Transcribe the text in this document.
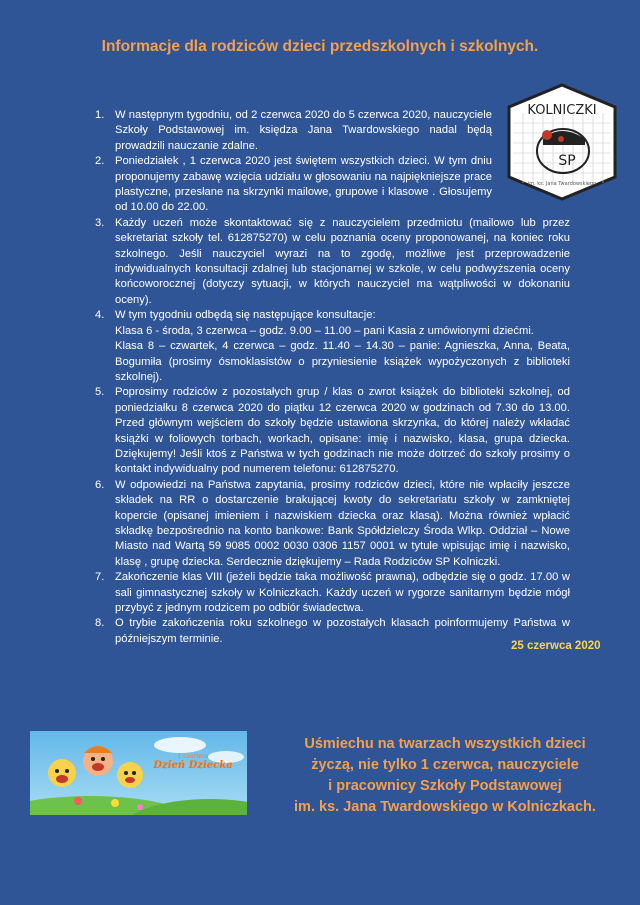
Informacje dla rodziców dzieci przedszkolnych i szkolnych.
KOLNICZKI
SP
im. ks. Jana Twardowskiego
1. W następnym tygodniu, od 2 czerwca 2020 do 5 czerwca 2020, nauczyciele Szkoły Podstawowej im. księdza Jana Twardowskiego nadal będą prowadzili nauczanie zdalne.

2. Poniedziałek , 1 czerwca 2020 jest świętem wszystkich dzieci. W tym dniu proponujemy zabawę wzięcia udziału w głosowaniu na najpiękniejsze prace plastyczne, przesłane na skrzynki mailowe, grupowe i klasowe . Głosujemy od 10.00 do 22.00.

3. Każdy uczeń może skontaktować się z nauczycielem przedmiotu (mailowo lub przez sekretariat szkoły tel. 612875270) w celu poznania oceny proponowanej, na koniec roku szkolnego. Jeśli nauczyciel wyrazi na to zgodę, możliwe jest przeprowadzenie indywidualnych konsultacji zdalnej lub stacjonarnej w szkole, w celu podwyższenia oceny końcoworocznej (dotyczy sytuacji, w których nauczyciel ma wątpliwości w dokonaniu oceny).

4. W tym tygodniu odbędą się następujące konsultacje:

Klasa 6 - środa, 3 czerwca – godz. 9.00 – 11.00 – pani Kasia z umówionymi dziećmi.

Klasa 8 – czwartek, 4 czerwca – godz. 11.40 – 14.30 – panie: Agnieszka, Anna, Beata, Bogumiła (prosimy ósmoklasistów o przyniesienie książek wypożyczonych z biblioteki szkolnej).

5. Poprosimy rodziców z pozostałych grup / klas o zwrot książek do biblioteki szkolnej, od poniedziałku 8 czerwca 2020 do piątku 12 czerwca 2020 w godzinach od 7.30 do 13.00. Przed głównym wejściem do szkoły będzie ustawiona skrzynka, do której należy wkładać książki w foliowych torbach, workach, opisane: imię i nazwisko, klasa, grupa dziecka. Dziękujemy! Jeśli ktoś z Państwa w tych godzinach nie może dotrzeć do szkoły prosimy o kontakt indywidualny pod numerem telefonu: 612875270.

6. W odpowiedzi na Państwa zapytania, prosimy rodziców dzieci, które nie wpłaciły jeszcze składek na RR o dostarczenie brakującej kwoty do sekretariatu szkoły w zamkniętej kopercie (opisanej imieniem i nazwiskiem dziecka oraz klasą). Można również wpłacić składkę bezpośrednio na konto bankowe: Bank Spółdzielczy Środa Wlkp. Oddział – Nowe Miasto nad Wartą 59 9085 0002 0030 0306 1157 0001 w tytule wpisując imię i nazwisko, klasę , grupę dziecka. Serdecznie dziękujemy – Rada Rodziców SP Kolniczki.

7. Zakończenie klas VIII (jeżeli będzie taka możliwość prawna), odbędzie się o godz. 17.00 w sali gimnastycznej szkoły w Kolniczkach. Każdy uczeń w rygorze sanitarnym będzie mógł przybyć z jednym rodzicem po odbiór świadectwa.

8. O trybie zakończenia roku szkolnego w pozostałych klasach poinformujemy Państwa w późniejszym terminie.

25 czerwca 2020
1 czerwca
Dzień Dziecka
Uśmiechu na twarzach wszystkich dzieci
życzą, nie tylko 1 czerwca, nauczyciele
i pracownicy Szkoły Podstawowej
im. ks. Jana Twardowskiego w Kolniczkach.
